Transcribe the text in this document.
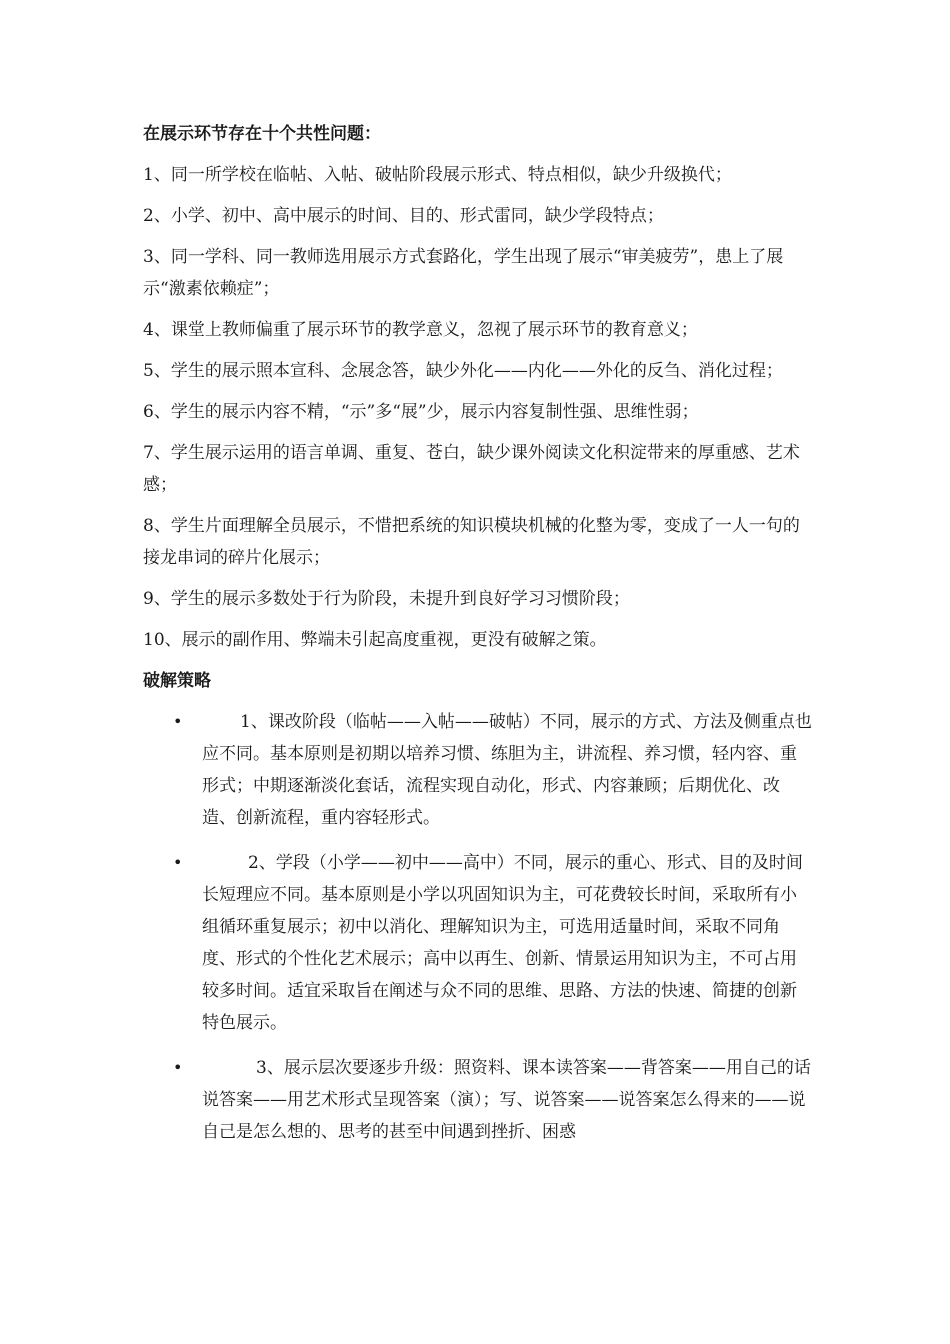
在展示环节存在十个共性问题：

1、同一所学校在临帖、入帖、破帖阶段展示形式、特点相似，缺少升级换代；

2、小学、初中、高中展示的时间、目的、形式雷同，缺少学段特点；

3、同一学科、同一教师选用展示方式套路化，学生出现了展示“审美疲劳”，患上了展示“激素依赖症”；

4、课堂上教师偏重了展示环节的教学意义，忽视了展示环节的教育意义；

5、学生的展示照本宣科、念展念答，缺少外化——内化——外化的反刍、消化过程；

6、学生的展示内容不精，“示”多“展”少，展示内容复制性强、思维性弱；

7、学生展示运用的语言单调、重复、苍白，缺少课外阅读文化积淀带来的厚重感、艺术感；

8、学生片面理解全员展示，不惜把系统的知识模块机械的化整为零，变成了一人一句的接龙串词的碎片化展示；

9、学生的展示多数处于行为阶段，未提升到良好学习习惯阶段；

10、展示的副作用、弊端未引起高度重视，更没有破解之策。

破解策略
•	1、课改阶段（临帖——入帖——破帖）不同，展示的方式、方法及侧重点也应不同。基本原则是初期以培养习惯、练胆为主，讲流程、养习惯，轻内容、重形式；中期逐渐淡化套话，流程实现自动化，形式、内容兼顾；后期优化、改造、创新流程，重内容轻形式。
•	2、学段（小学——初中——高中）不同，展示的重心、形式、目的及时间长短理应不同。基本原则是小学以巩固知识为主，可花费较长时间，采取所有小组循环重复展示；初中以消化、理解知识为主，可选用适量时间，采取不同角度、形式的个性化艺术展示；高中以再生、创新、情景运用知识为主，不可占用较多时间。适宜采取旨在阐述与众不同的思维、思路、方法的快速、简捷的创新特色展示。
•	3、展示层次要逐步升级：照资料、课本读答案——背答案——用自己的话说答案——用艺术形式呈现答案（演）；写、说答案——说答案怎么得来的——说自己是怎么想的、思考的甚至中间遇到挫折、困惑
